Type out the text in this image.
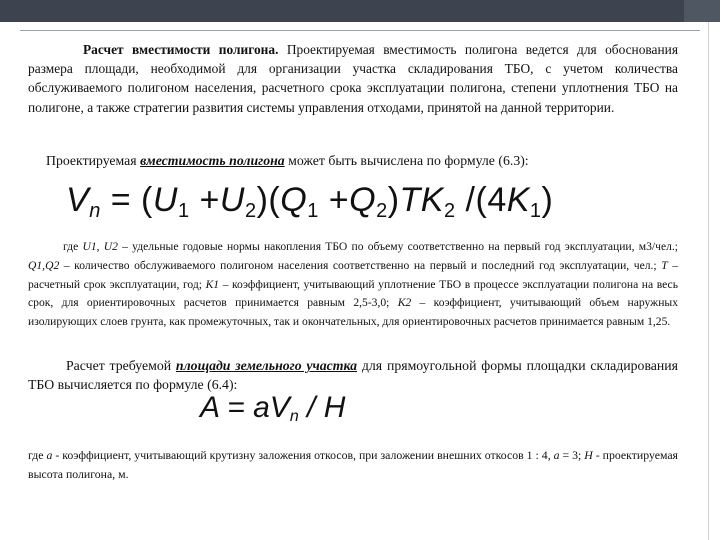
Расчет вместимости полигона. Проектируемая вместимость полигона ведется для обоснования размера площади, необходимой для организации участка складирования ТБО, с учетом количества обслуживаемого полигоном населения, расчетного срока эксплуатации полигона, степени уплотнения ТБО на полигоне, а также стратегии развития системы управления отходами, принятой на данной территории.
Проектируемая вместимость полигона может быть вычислена по формуле (6.3):
$V_n = (U_1 +U_2)(Q_1 +Q_2)TK_2$ $/(4K_1)$
где U1, U2 – удельные годовые нормы накопления ТБО по объему соответственно на первый год эксплуатации, м3/чел.; Q1,Q2 – количество обслуживаемого полигоном населения соответственно на первый и последний год эксплуатации, чел.; Т – расчетный срок эксплуатации, год; K1 – коэффициент, учитывающий уплотнение ТБО в процессе эксплуатации полигона на весь срок, для ориентировочных расчетов принимается равным 2,5-3,0; K2 – коэффициент, учитывающий объем наружных изолирующих слоев грунта, как промежуточных, так и окончательных, для ориентировочных расчетов принимается равным 1,25.
Расчет требуемой площади земельного участка для прямоугольной формы площадки складирования ТБО вычисляется по формуле (6.4):
$A = aV_n / H$
где а - коэффициент, учитывающий крутизну заложения откосов, при заложении внешних откосов 1 : 4, а = 3; Н - проектируемая высота полигона, м.
